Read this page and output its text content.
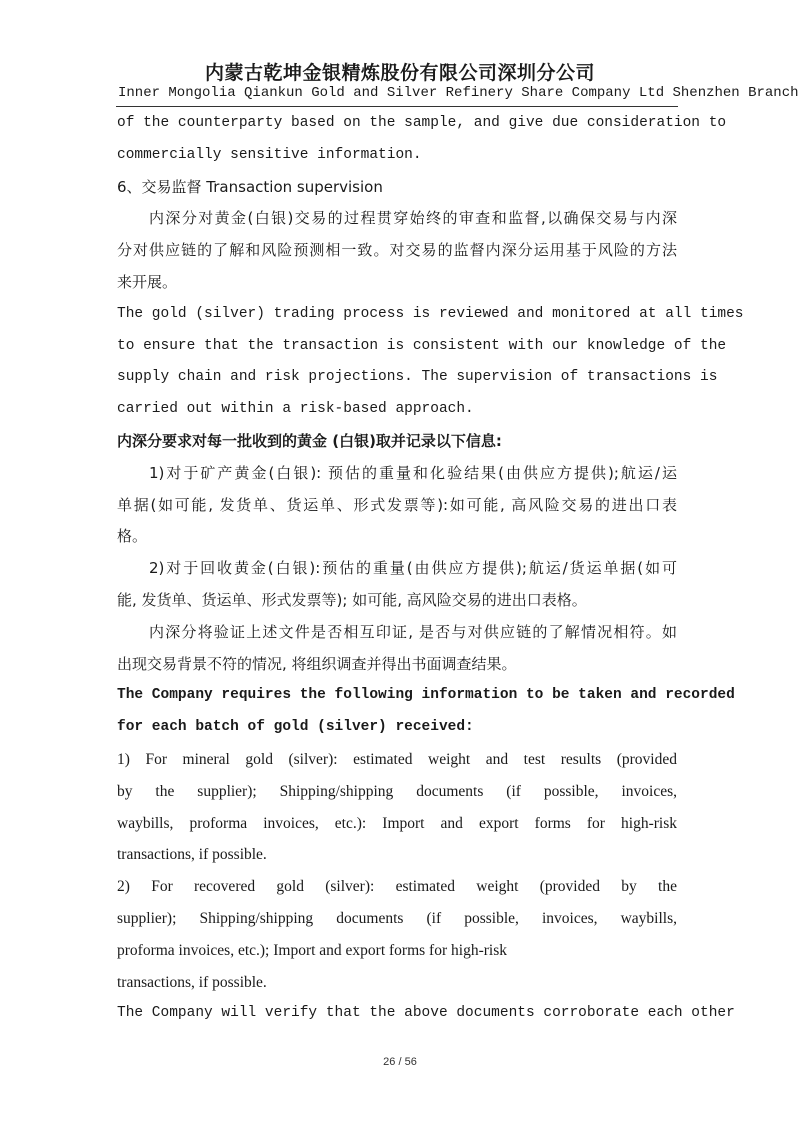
内蒙古乾坤金银精炼股份有限公司深圳分公司
Inner Mongolia Qiankun Gold and Silver Refinery Share Company Ltd Shenzhen Branch
of the counterparty based on the sample, and give due consideration to
commercially sensitive information.
6、交易监督 Transaction supervision
内深分对黄金(白银)交易的过程贯穿始终的审查和监督,以确保交易与内深
分对供应链的了解和风险预测相一致。对交易的监督内深分运用基于风险的方法
来开展。
The gold (silver) trading process is reviewed and monitored at all times
to ensure that the transaction is consistent with our knowledge of the
supply chain and risk projections. The supervision of transactions is
carried out within a risk-based approach.
内深分要求对每一批收到的黄金 (白银)取并记录以下信息:
1)对于矿产黄金(白银): 预估的重量和化验结果(由供应方提供);航运/运
单据(如可能, 发货单、货运单、形式发票等):如可能, 高风险交易的进出口表
格。
2)对于回收黄金(白银):预估的重量(由供应方提供);航运/货运单据(如可
能, 发货单、货运单、形式发票等); 如可能, 高风险交易的进出口表格。
内深分将验证上述文件是否相互印证, 是否与对供应链的了解情况相符。如
出现交易背景不符的情况, 将组织调查并得出书面调查结果。
The Company requires the following information to be taken and recorded
for each batch of gold (silver) received:
1) For mineral gold (silver): estimated weight and test results (provided
by the supplier); Shipping/shipping documents (if possible, invoices,
waybills, proforma invoices, etc.): Import and export forms for high-risk
transactions, if possible.
2) For recovered gold (silver): estimated weight (provided by the
supplier); Shipping/shipping documents (if possible, invoices, waybills,
proforma invoices, etc.); Import and export forms for high-risk
transactions, if possible.
The Company will verify that the above documents corroborate each other
26 / 56
